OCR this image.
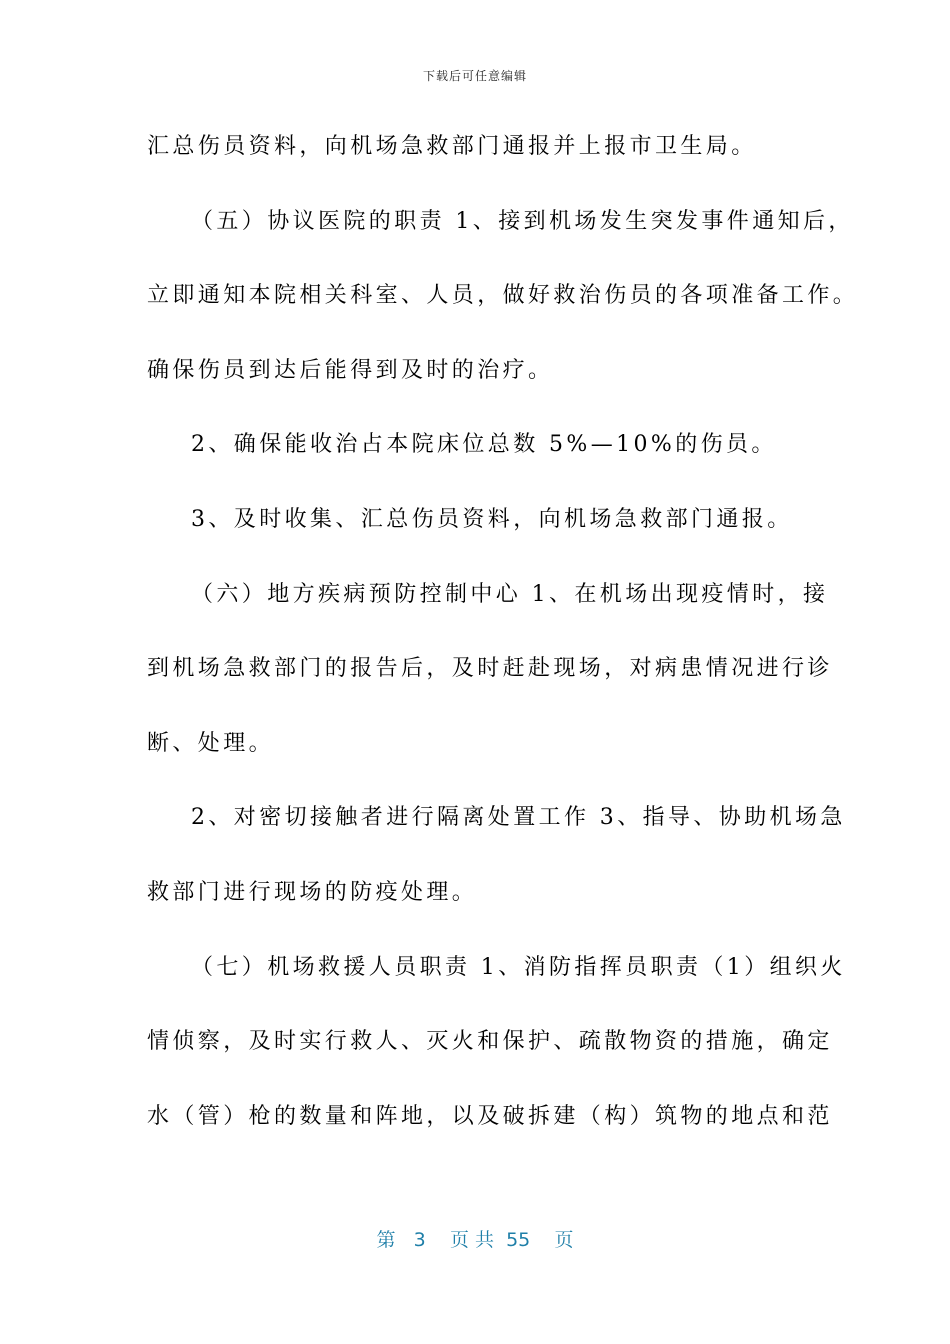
下载后可任意编辑
汇总伤员资料，向机场急救部门通报并上报市卫生局。
（五）协议医院的职责 1、接到机场发生突发事件通知后，
立即通知本院相关科室、人员，做好救治伤员的各项准备工作。
确保伤员到达后能得到及时的治疗。
2、确保能收治占本院床位总数 5%—10%的伤员。
3、及时收集、汇总伤员资料，向机场急救部门通报。
（六）地方疾病预防控制中心 1、在机场出现疫情时，接
到机场急救部门的报告后，及时赶赴现场，对病患情况进行诊
断、处理。
2、对密切接触者进行隔离处置工作 3、指导、协助机场急
救部门进行现场的防疫处理。
（七）机场救援人员职责 1、消防指挥员职责（1）组织火
情侦察，及时实行救人、灭火和保护、疏散物资的措施，确定
水（管）枪的数量和阵地，以及破拆建（构）筑物的地点和范
第 3 页 共 55 页
